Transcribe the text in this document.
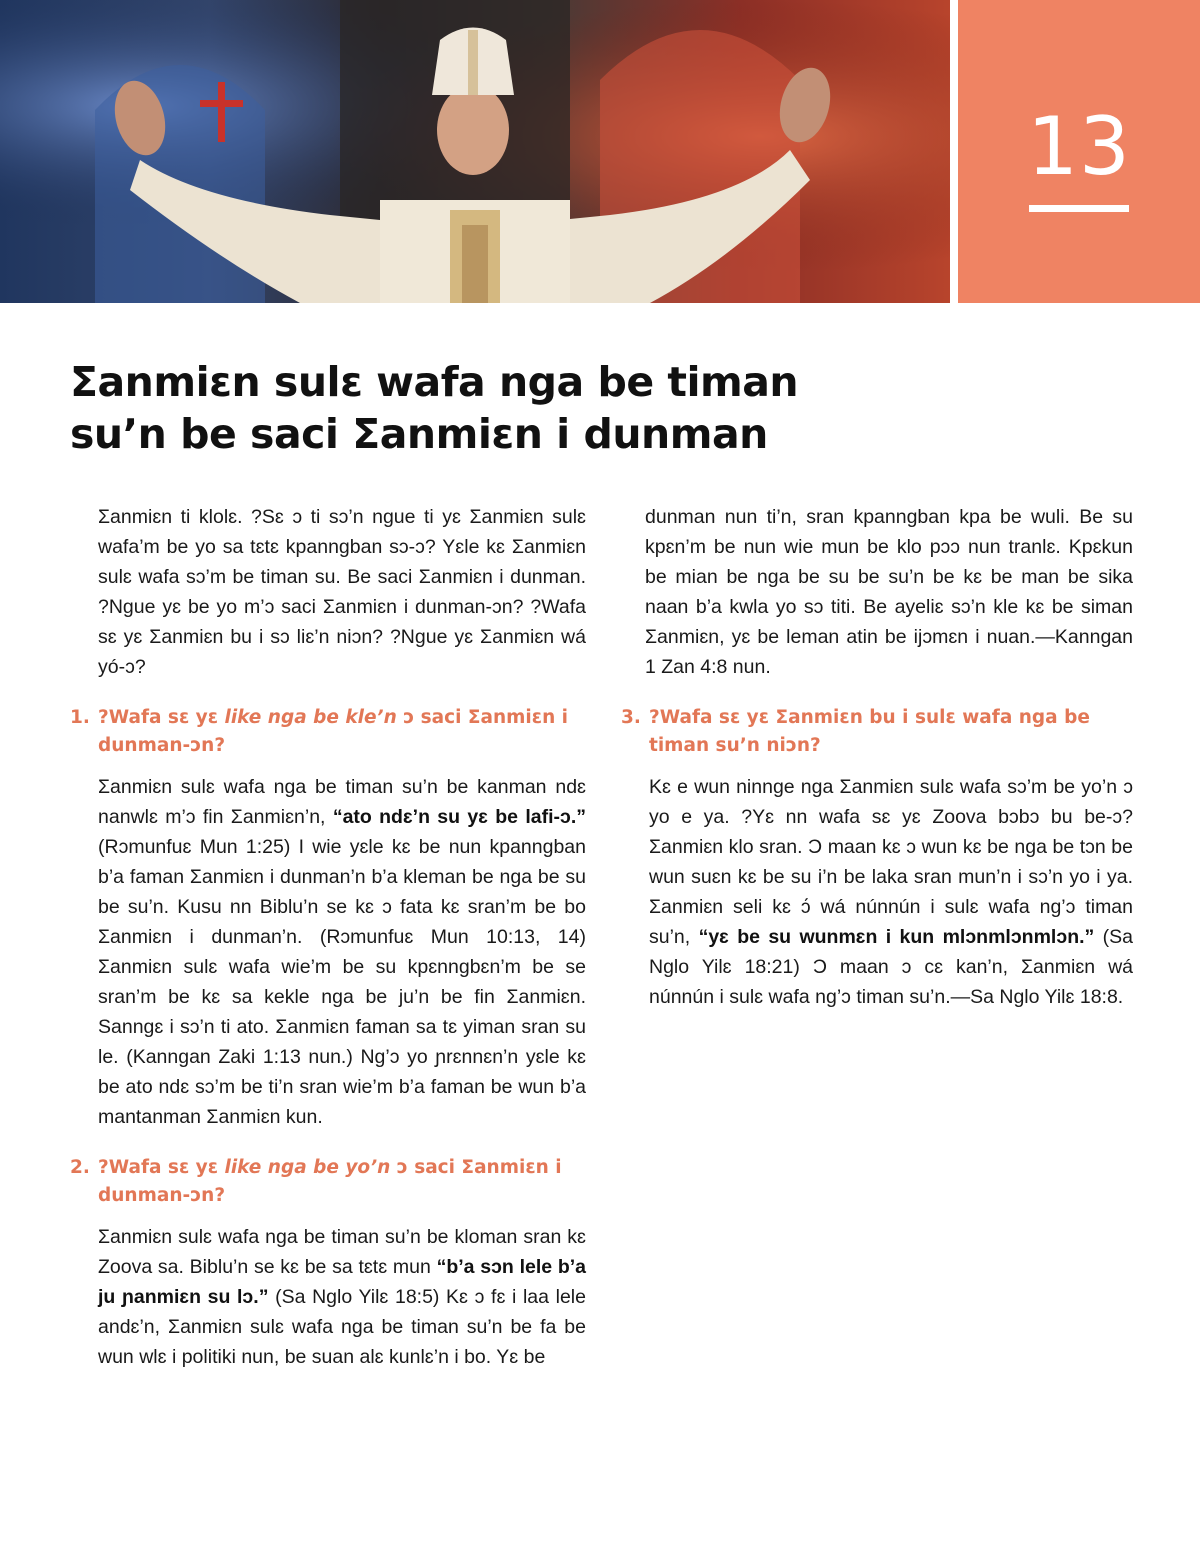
13
Ʃanmiɛn sulɛ wafa nga be timan
su’n be saci Ʃanmiɛn i dunman

Ʃanmiɛn ti klolɛ. ?Sɛ ɔ ti sɔ’n ngue ti yɛ Ʃanmiɛn sulɛ wafa’m be yo sa tɛtɛ kpanngban sɔ-ɔ? Yɛle kɛ Ʃanmiɛn sulɛ wafa sɔ’m be timan su. Be saci Ʃanmiɛn i dunman. ?Ngue yɛ be yo m’ɔ saci Ʃanmiɛn i dunman-ɔn? ?Wafa sɛ yɛ Ʃanmiɛn bu i sɔ liɛ’n niɔn? ?Ngue yɛ Ʃanmiɛn wá yó-ɔ?

1. ?Wafa sɛ yɛ like nga be kle’n ɔ saci Ʃanmiɛn i dunman-ɔn?

Ʃanmiɛn sulɛ wafa nga be timan su’n be kanman ndɛ nanwlɛ m’ɔ fin Ʃanmiɛn’n, “ato ndɛ’n su yɛ be lafi-ɔ.” (Rɔmunfuɛ Mun 1:25) I wie yɛle kɛ be nun kpanngban b’a faman Ʃanmiɛn i dunman’n b’a kleman be nga be su be su’n. Kusu nn Biblu’n se kɛ ɔ fata kɛ sran’m be bo Ʃanmiɛn i dunman’n. (Rɔmunfuɛ Mun 10:13, 14) Ʃanmiɛn sulɛ wafa wie’m be su kpɛnngbɛn’m be se sran’m be kɛ sa kekle nga be ju’n be fin Ʃanmiɛn. Sanngɛ i sɔ’n ti ato. Ʃanmiɛn faman sa tɛ yiman sran su le. (Kanngan Zaki 1:13 nun.) Ng’ɔ yo ɲrɛnnɛn’n yɛle kɛ be ato ndɛ sɔ’m be ti’n sran wie’m b’a faman be wun b’a mantanman Ʃanmiɛn kun.

2. ?Wafa sɛ yɛ like nga be yo’n ɔ saci Ʃanmiɛn i dunman-ɔn?

Ʃanmiɛn sulɛ wafa nga be timan su’n be kloman sran kɛ Zoova sa. Biblu’n se kɛ be sa tɛtɛ mun “b’a sɔn lele b’a ju ɲanmiɛn su lɔ.” (Sa Nglo Yilɛ 18:5) Kɛ ɔ fɛ i laa lele andɛ’n, Ʃanmiɛn sulɛ wafa nga be timan su’n be fa be wun wlɛ i politiki nun, be suan alɛ kunlɛ’n i bo. Yɛ be

dunman nun ti’n, sran kpanngban kpa be wuli. Be su kpɛn’m be nun wie mun be klo pɔɔ nun tranlɛ. Kpɛkun be mian be nga be su be su’n be kɛ be man be sika naan b’a kwla yo sɔ titi. Be ayeliɛ sɔ’n kle kɛ be siman Ʃanmiɛn, yɛ be leman atin be ijɔmɛn i nuan.—Kanngan 1 Zan 4:8 nun.

3. ?Wafa sɛ yɛ Ʃanmiɛn bu i sulɛ wafa nga be timan su’n niɔn?

Kɛ e wun ninnge nga Ʃanmiɛn sulɛ wafa sɔ’m be yo’n ɔ yo e ya. ?Yɛ nn wafa sɛ yɛ Zoova bɔbɔ bu be-ɔ? Ʃanmiɛn klo sran. Ɔ maan kɛ ɔ wun kɛ be nga be tɔn be wun suɛn kɛ be su i’n be laka sran mun’n i sɔ’n yo i ya. Ʃanmiɛn seli kɛ ɔ́ wá núnnún i sulɛ wafa ng’ɔ timan su’n, “yɛ be su wunmɛn i kun mlɔnmlɔnmlɔn.” (Sa Nglo Yilɛ 18:21) Ɔ maan ɔ cɛ kan’n, Ʃanmiɛn wá núnnún i sulɛ wafa ng’ɔ timan su’n.—Sa Nglo Yilɛ 18:8.
